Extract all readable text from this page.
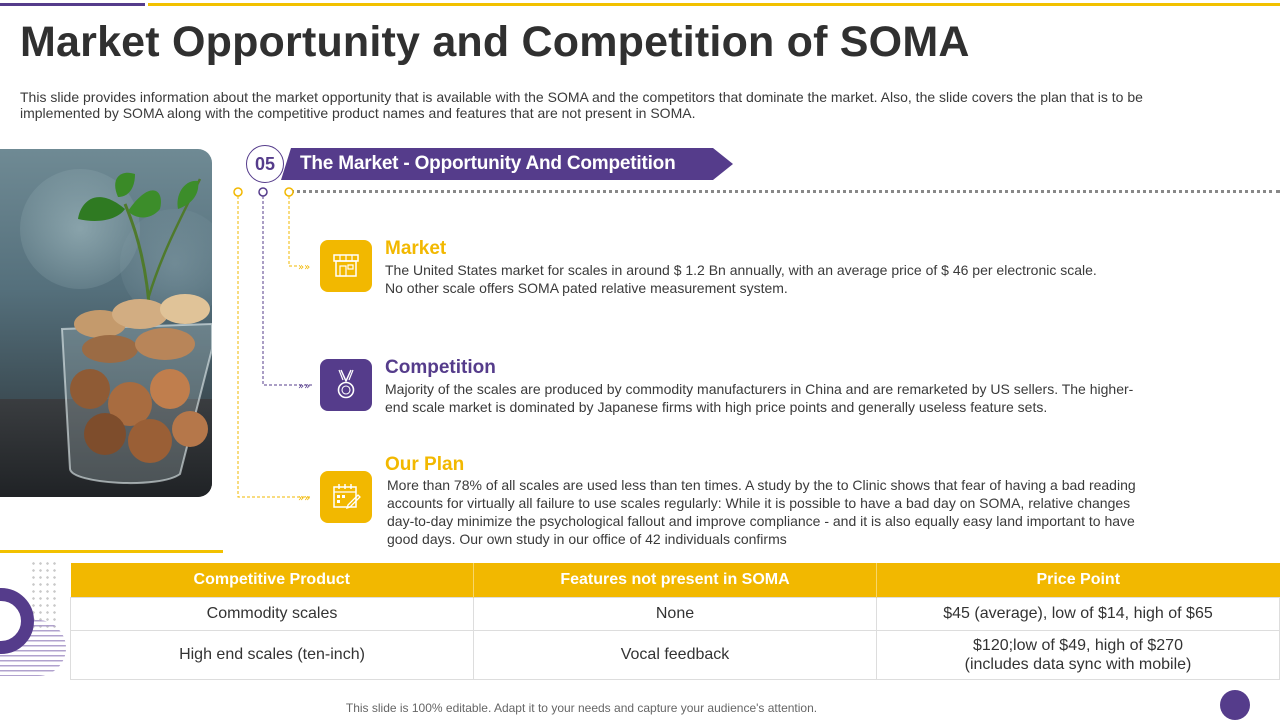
Market Opportunity and Competition of SOMA

This slide provides information about the market opportunity that is available with the SOMA and the competitors that dominate the market. Also, the slide covers the plan that is to be implemented by SOMA along with the competitive product names and features that are not present in SOMA.

05	The Market - Opportunity And Competition
»»
»»
»»
Market
The United States market for scales in around $ 1.2 Bn annually, with an average price of $ 46 per electronic scale. No other scale offers SOMA pated relative measurement system.
Competition
Majority of the scales are produced by commodity manufacturers in China and are remarketed by US sellers. The higher-end scale market is dominated by Japanese firms with high price points and generally useless feature sets.
Our Plan
More than 78% of all scales are used less than ten times. A study by the to Clinic shows that fear of having a bad reading accounts for virtually all failure to use scales regularly: While it is possible to have a bad day on SOMA, relative changes day-to-day minimize the psychological fallout and improve compliance - and it is also equally easy land important to have good days. Our own study in our office of 42 individuals confirms
Competitive Product	Features not present in SOMA	Price Point
Commodity scales	None	$45 (average), low of $14, high of $65
High end scales (ten-inch)	Vocal feedback	$120;low of $49, high of $270
(includes data sync with mobile)
This slide is 100% editable. Adapt it to your needs and capture your audience's attention.
